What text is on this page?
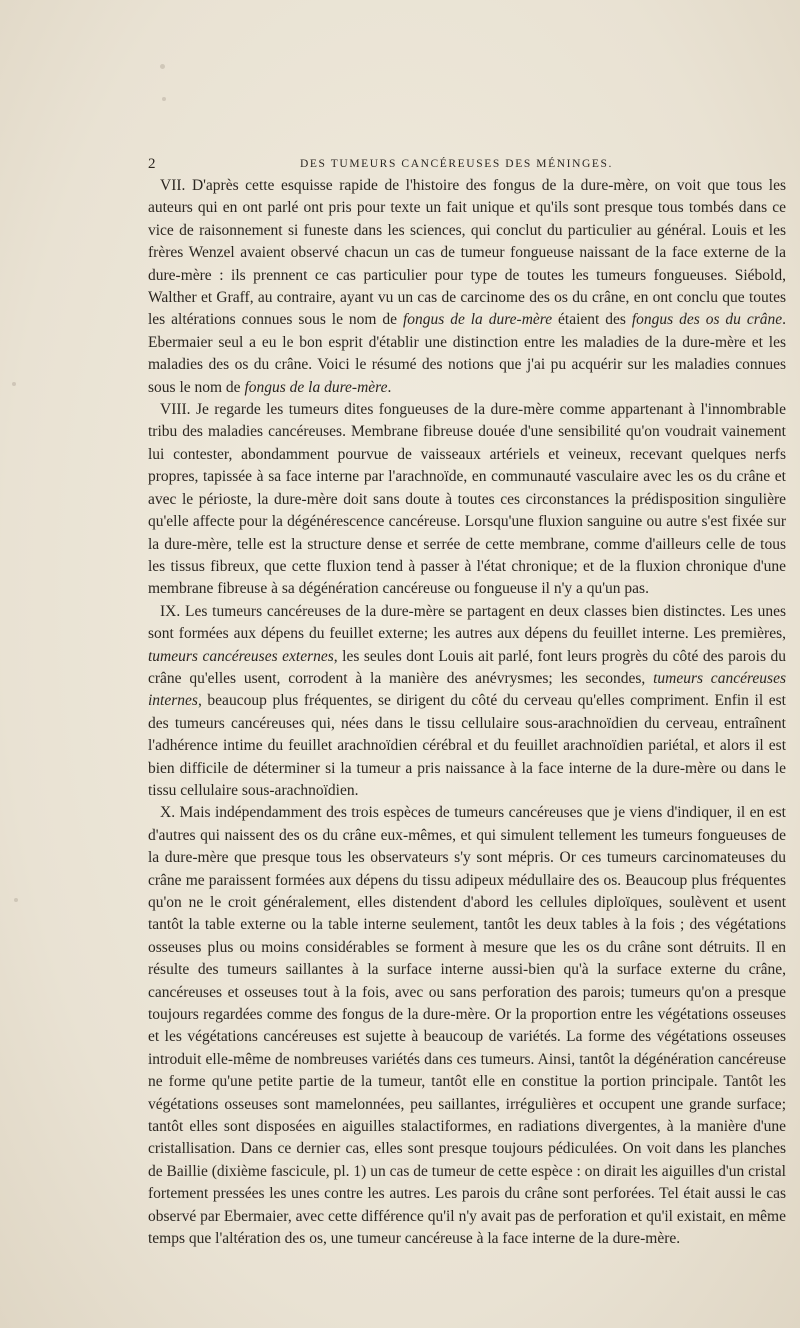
2	DES TUMEURS CANCÉREUSES DES MÉNINGES.

VII. D'après cette esquisse rapide de l'histoire des fongus de la dure-mère, on voit que tous les auteurs qui en ont parlé ont pris pour texte un fait unique et qu'ils sont presque tous tombés dans ce vice de raisonnement si funeste dans les sciences, qui conclut du particulier au général. Louis et les frères Wenzel avaient observé chacun un cas de tumeur fongueuse naissant de la face externe de la dure-mère : ils prennent ce cas particulier pour type de toutes les tumeurs fongueuses. Siébold, Walther et Graff, au contraire, ayant vu un cas de carcinome des os du crâne, en ont conclu que toutes les altérations connues sous le nom de fongus de la dure-mère étaient des fongus des os du crâne. Ebermaier seul a eu le bon esprit d'établir une distinction entre les maladies de la dure-mère et les maladies des os du crâne. Voici le résumé des notions que j'ai pu acquérir sur les maladies connues sous le nom de fongus de la dure-mère.

VIII. Je regarde les tumeurs dites fongueuses de la dure-mère comme appartenant à l'innombrable tribu des maladies cancéreuses. Membrane fibreuse douée d'une sensibilité qu'on voudrait vainement lui contester, abondamment pourvue de vaisseaux artériels et veineux, recevant quelques nerfs propres, tapissée à sa face interne par l'arachnoïde, en communauté vasculaire avec les os du crâne et avec le périoste, la dure-mère doit sans doute à toutes ces circonstances la prédisposition singulière qu'elle affecte pour la dégénérescence cancéreuse. Lorsqu'une fluxion sanguine ou autre s'est fixée sur la dure-mère, telle est la structure dense et serrée de cette membrane, comme d'ailleurs celle de tous les tissus fibreux, que cette fluxion tend à passer à l'état chronique; et de la fluxion chronique d'une membrane fibreuse à sa dégénération cancéreuse ou fongueuse il n'y a qu'un pas.

IX. Les tumeurs cancéreuses de la dure-mère se partagent en deux classes bien distinctes. Les unes sont formées aux dépens du feuillet externe; les autres aux dépens du feuillet interne. Les premières, tumeurs cancéreuses externes, les seules dont Louis ait parlé, font leurs progrès du côté des parois du crâne qu'elles usent, corrodent à la manière des anévrysmes; les secondes, tumeurs cancéreuses internes, beaucoup plus fréquentes, se dirigent du côté du cerveau qu'elles compriment. Enfin il est des tumeurs cancéreuses qui, nées dans le tissu cellulaire sous-arachnoïdien du cerveau, entraînent l'adhérence intime du feuillet arachnoïdien cérébral et du feuillet arachnoïdien pariétal, et alors il est bien difficile de déterminer si la tumeur a pris naissance à la face interne de la dure-mère ou dans le tissu cellulaire sous-arachnoïdien.

X. Mais indépendamment des trois espèces de tumeurs cancéreuses que je viens d'indiquer, il en est d'autres qui naissent des os du crâne eux-mêmes, et qui simulent tellement les tumeurs fongueuses de la dure-mère que presque tous les observateurs s'y sont mépris. Or ces tumeurs carcinomateuses du crâne me paraissent formées aux dépens du tissu adipeux médullaire des os. Beaucoup plus fréquentes qu'on ne le croit généralement, elles distendent d'abord les cellules diploïques, soulèvent et usent tantôt la table externe ou la table interne seulement, tantôt les deux tables à la fois ; des végétations osseuses plus ou moins considérables se forment à mesure que les os du crâne sont détruits. Il en résulte des tumeurs saillantes à la surface interne aussi-bien qu'à la surface externe du crâne, cancéreuses et osseuses tout à la fois, avec ou sans perforation des parois; tumeurs qu'on a presque toujours regardées comme des fongus de la dure-mère. Or la proportion entre les végétations osseuses et les végétations cancéreuses est sujette à beaucoup de variétés. La forme des végétations osseuses introduit elle-même de nombreuses variétés dans ces tumeurs. Ainsi, tantôt la dégénération cancéreuse ne forme qu'une petite partie de la tumeur, tantôt elle en constitue la portion principale. Tantôt les végétations osseuses sont mamelonnées, peu saillantes, irrégulières et occupent une grande surface; tantôt elles sont disposées en aiguilles stalactiformes, en radiations divergentes, à la manière d'une cristallisation. Dans ce dernier cas, elles sont presque toujours pédiculées. On voit dans les planches de Baillie (dixième fascicule, pl. 1) un cas de tumeur de cette espèce : on dirait les aiguilles d'un cristal fortement pressées les unes contre les autres. Les parois du crâne sont perforées. Tel était aussi le cas observé par Ebermaier, avec cette différence qu'il n'y avait pas de perforation et qu'il existait, en même temps que l'altération des os, une tumeur cancéreuse à la face interne de la dure-mère.
